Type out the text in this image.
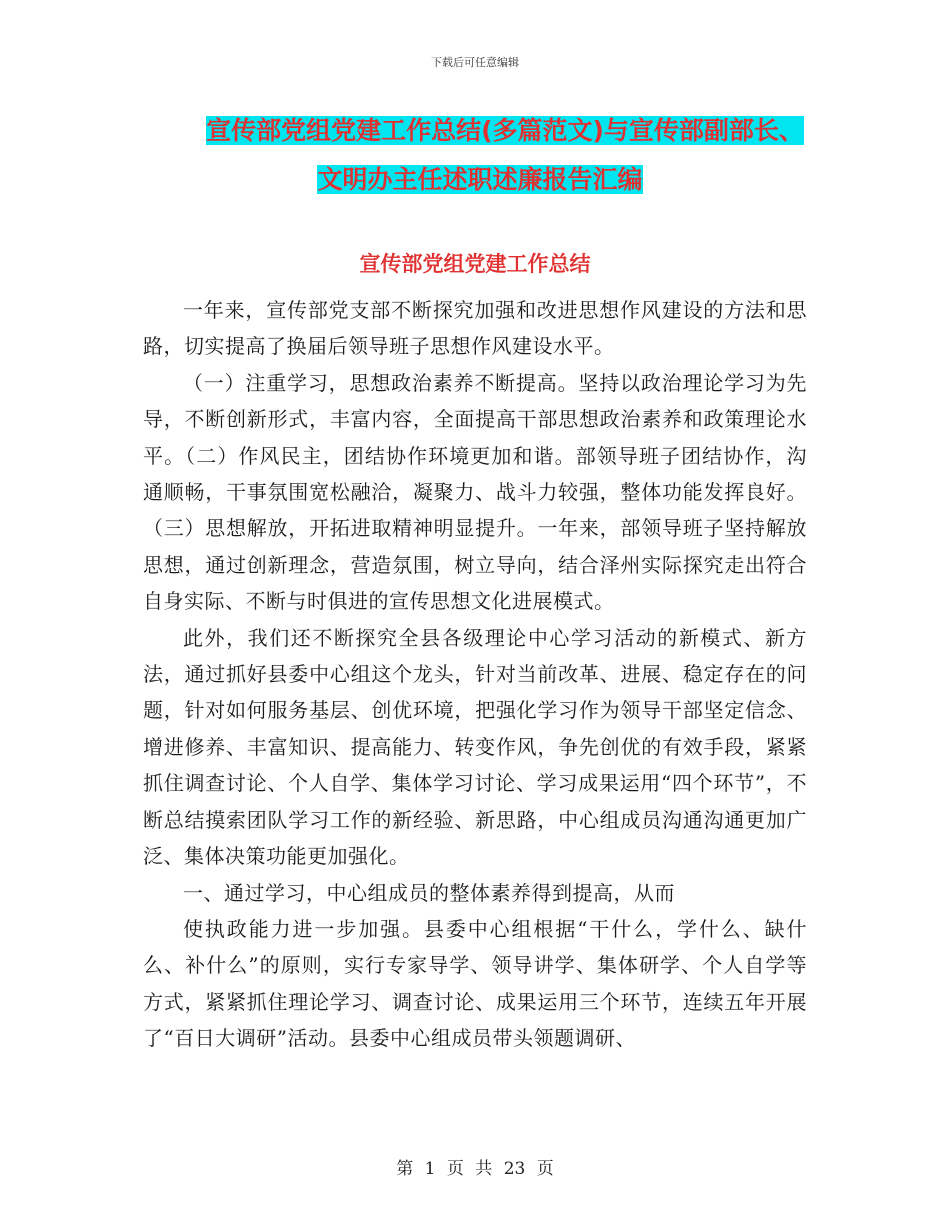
下载后可任意编辑
宣传部党组党建工作总结(多篇范文)与宣传部副部长、
文明办主任述职述廉报告汇编
宣传部党组党建工作总结

一年来，宣传部党支部不断探究加强和改进思想作风建设的方法和思路，切实提高了换届后领导班子思想作风建设水平。

（一）注重学习，思想政治素养不断提高。坚持以政治理论学习为先导，不断创新形式，丰富内容，全面提高干部思想政治素养和政策理论水平。（二）作风民主，团结协作环境更加和谐。部领导班子团结协作，沟通顺畅，干事氛围宽松融洽，凝聚力、战斗力较强，整体功能发挥良好。（三）思想解放，开拓进取精神明显提升。一年来，部领导班子坚持解放思想，通过创新理念，营造氛围，树立导向，结合泽州实际探究走出符合自身实际、不断与时俱进的宣传思想文化进展模式。

此外，我们还不断探究全县各级理论中心学习活动的新模式、新方法，通过抓好县委中心组这个龙头，针对当前改革、进展、稳定存在的问题，针对如何服务基层、创优环境，把强化学习作为领导干部坚定信念、增进修养、丰富知识、提高能力、转变作风，争先创优的有效手段，紧紧抓住调查讨论、个人自学、集体学习讨论、学习成果运用“四个环节”，不断总结摸索团队学习工作的新经验、新思路，中心组成员沟通沟通更加广泛、集体决策功能更加强化。

一、通过学习，中心组成员的整体素养得到提高，从而

使执政能力进一步加强。县委中心组根据“干什么，学什么、缺什么、补什么”的原则，实行专家导学、领导讲学、集体研学、个人自学等方式，紧紧抓住理论学习、调查讨论、成果运用三个环节，连续五年开展了“百日大调研”活动。县委中心组成员带头领题调研、

第 1 页 共 23 页
